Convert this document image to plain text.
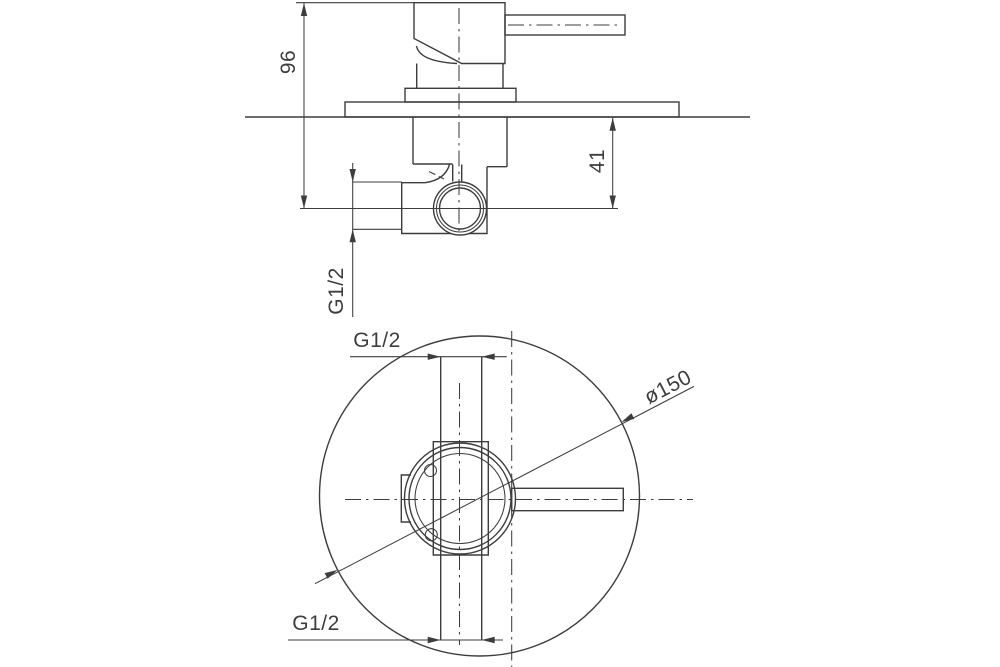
96
41
G1/2
ø150
G1/2
G1/2
